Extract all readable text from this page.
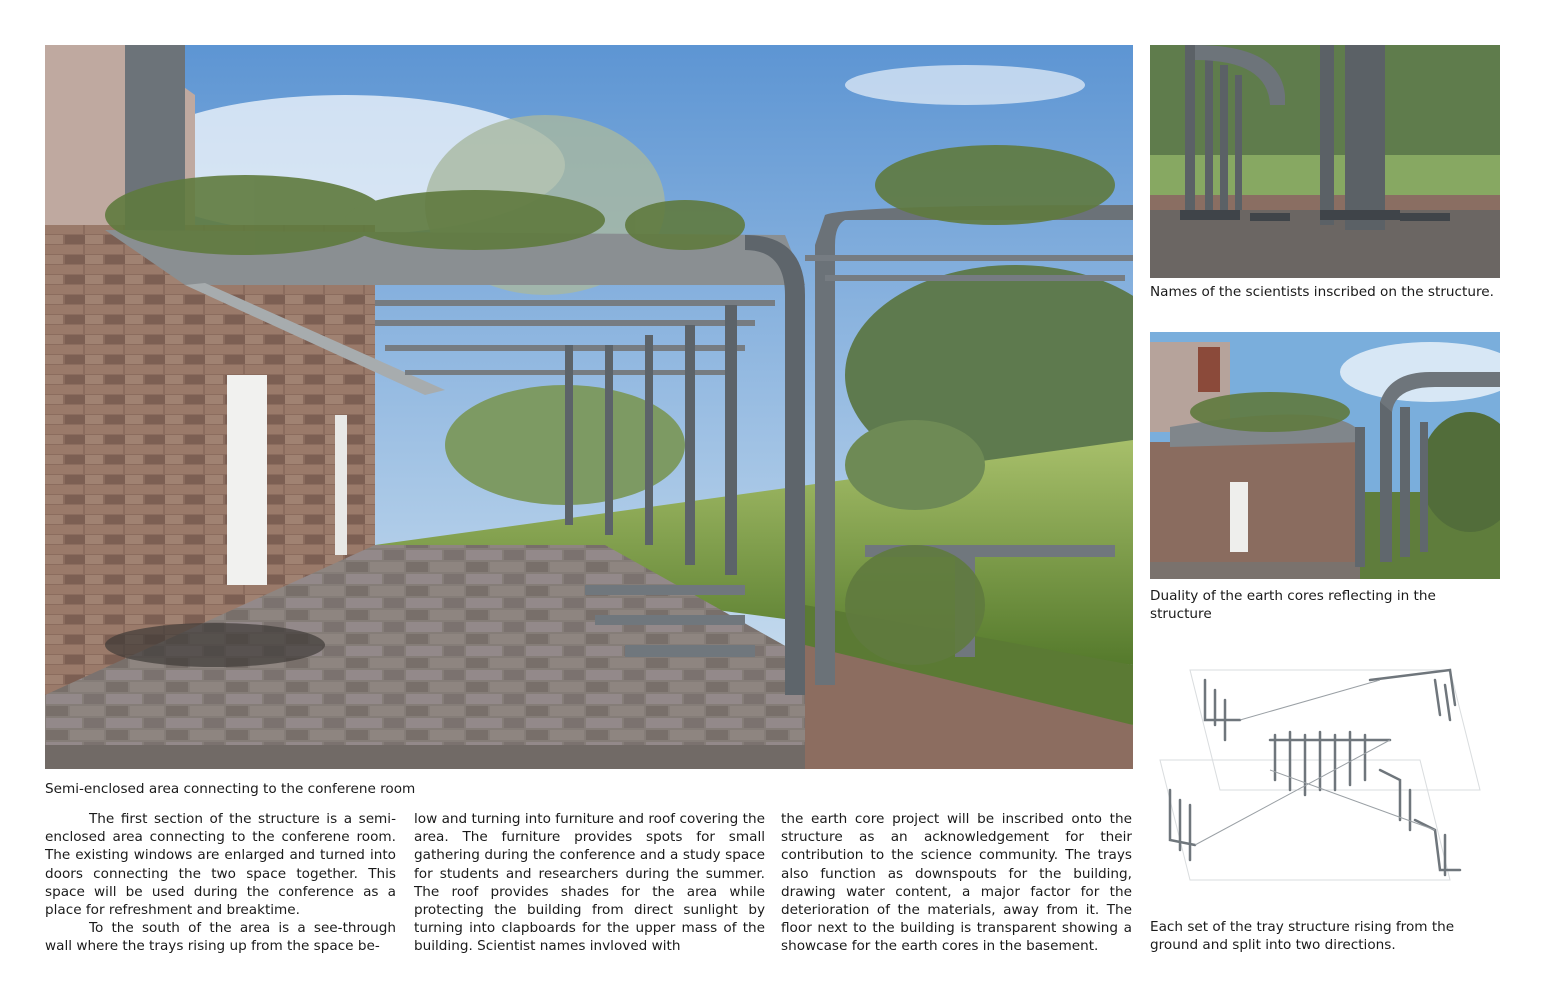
Semi-enclosed area connecting to the conferene room
Names of the scientists inscribed on the structure.
Duality of the earth cores reflecting in the structure
Each set of the tray structure rising from the ground and split into two directions.

The first section of the structure is a semi-enclosed area connecting to the conferene room. The existing windows are enlarged and turned into doors connecting the two space together. This space will be used during the conference as a place for refreshment and breaktime.

To the south of the area is a see-through wall where the trays rising up from the space be-

low and turning into furniture and roof covering the area. The furniture provides spots for small gathering during the conference and a study space for students and researchers during the summer. The roof provides shades for the area while protecting the building from direct sunlight by turning into clapboards for the upper mass of the building. Scientist names invloved with

the earth core project will be inscribed onto the structure as an acknowledgement for their contribution to the science community. The trays also function as downspouts for the building, drawing water content, a major factor for the deterioration of the materials, away from it. The floor next to the building is transparent showing a showcase for the earth cores in the basement.
